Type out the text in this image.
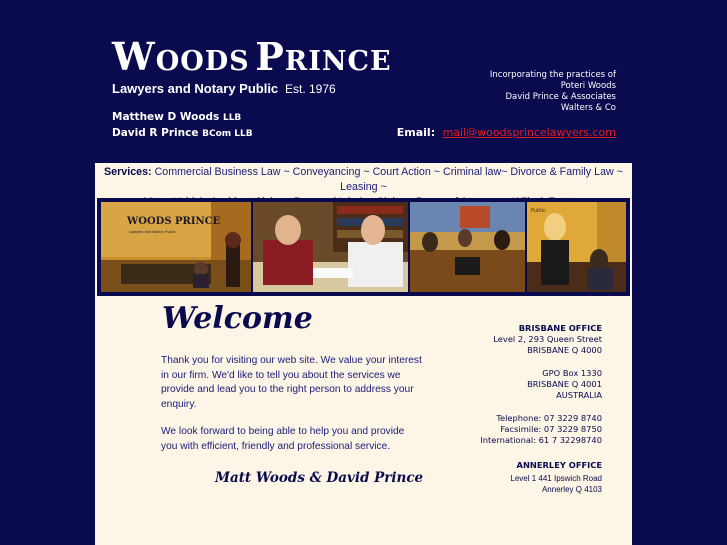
WOODS PRINCE
Lawyers and Notary Public Est. 1976
Matthew D Woods LLB
David R Prince BCom LLB
Incorporating the practices of
Poteri Woods
David Prince & Associates
Walters & Co
Email: mail@woodsprincelawyers.com
Services: Commercial Business Law ~ Conveyancing ~ Court Action ~ Criminal law~ Divorce & Family Law ~ Leasing ~
WOODS PRINCE
Lawyers and Notary Public
Public
Welcome
Thank you for visiting our web site. We value your interest in our firm. We'd like to tell you about the services we provide and lead you to the right person to address your enquiry.
We look forward to being able to help you and provide you with efficient, friendly and professional service.
Matt Woods & David Prince
BRISBANE OFFICE
Level 2, 293 Queen Street
BRISBANE Q 4000
GPO Box 1330
BRISBANE Q 4001
AUSTRALIA
Telephone: 07 3229 8740
Facsimile: 07 3229 8750
International: 61 7 32298740
ANNERLEY OFFICE
Level 1 441 Ipswich Road
Annerley Q 4103
